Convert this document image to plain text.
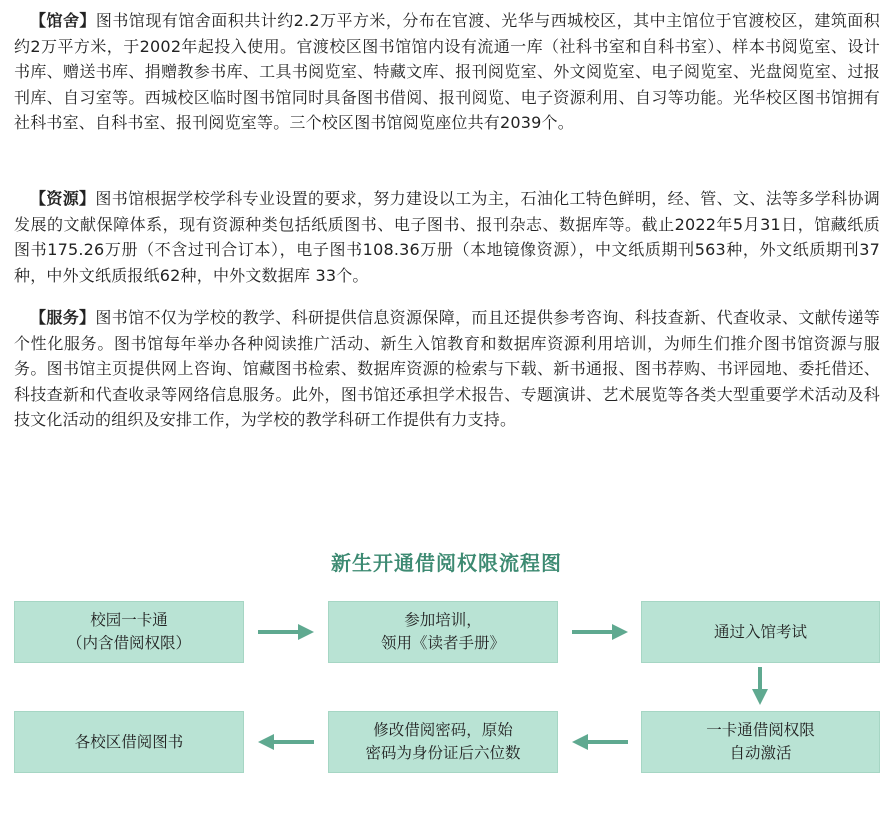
【馆舍】图书馆现有馆舍面积共计约2.2万平方米，分布在官渡、光华与西城校区，其中主馆位于官渡校区，建筑面积约2万平方米，于2002年起投入使用。官渡校区图书馆馆内设有流通一库（社科书室和自科书室）、样本书阅览室、设计书库、赠送书库、捐赠教参书库、工具书阅览室、特藏文库、报刊阅览室、外文阅览室、电子阅览室、光盘阅览室、过报刊库、自习室等。西城校区临时图书馆同时具备图书借阅、报刊阅览、电子资源利用、自习等功能。光华校区图书馆拥有社科书室、自科书室、报刊阅览室等。三个校区图书馆阅览座位共有2039个。

【资源】图书馆根据学校学科专业设置的要求，努力建设以工为主，石油化工特色鲜明，经、管、文、法等多学科协调发展的文献保障体系，现有资源种类包括纸质图书、电子图书、报刊杂志、数据库等。截止2022年5月31日，馆藏纸质图书175.26万册（不含过刊合订本），电子图书108.36万册（本地镜像资源），中文纸质期刊563种，外文纸质期刊37种，中外文纸质报纸62种，中外文数据库 33个。

【服务】图书馆不仅为学校的教学、科研提供信息资源保障，而且还提供参考咨询、科技查新、代查收录、文献传递等个性化服务。图书馆每年举办各种阅读推广活动、新生入馆教育和数据库资源利用培训，为师生们推介图书馆资源与服务。图书馆主页提供网上咨询、馆藏图书检索、数据库资源的检索与下载、新书通报、图书荐购、书评园地、委托借还、科技查新和代查收录等网络信息服务。此外，图书馆还承担学术报告、专题演讲、艺术展览等各类大型重要学术活动及科技文化活动的组织及安排工作，为学校的教学科研工作提供有力支持。

新生开通借阅权限流程图
校园一卡通
（内含借阅权限）
参加培训，
领用《读者手册》
通过入馆考试
一卡通借阅权限
自动激活
修改借阅密码，原始
密码为身份证后六位数
各校区借阅图书
